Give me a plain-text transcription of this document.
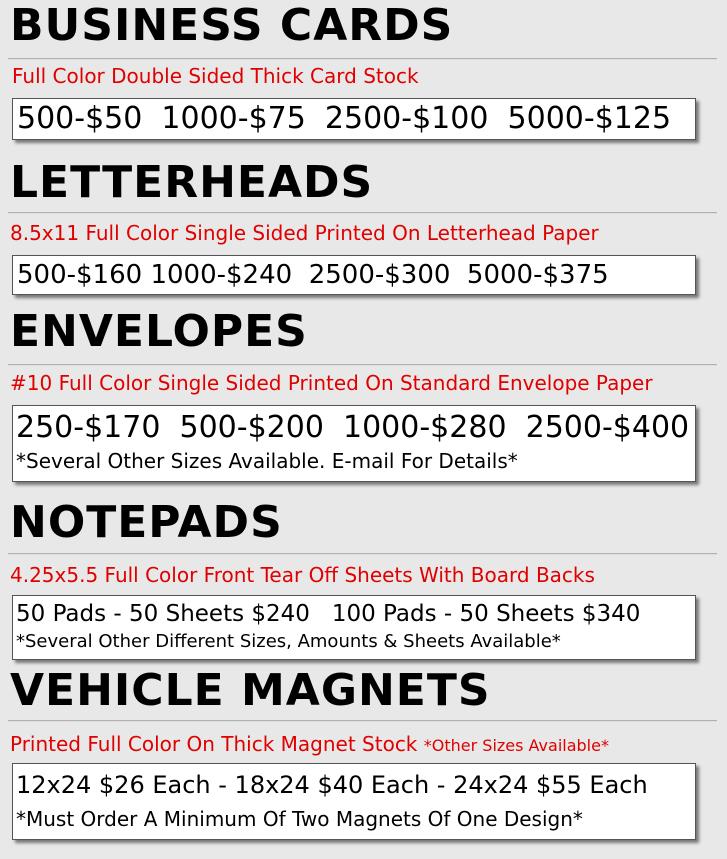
BUSINESS CARDS
Full Color Double Sided Thick Card Stock
500-$50  1000-$75  2500-$100  5000-$125
LETTERHEADS
8.5x11 Full Color Single Sided Printed On Letterhead Paper
500-$160 1000-$240  2500-$300  5000-$375
ENVELOPES
#10 Full Color Single Sided Printed On Standard Envelope Paper
250-$170  500-$200  1000-$280  2500-$400
*Several Other Sizes Available. E-mail For Details*
NOTEPADS
4.25x5.5 Full Color Front Tear Off Sheets With Board Backs
50 Pads - 50 Sheets $240   100 Pads - 50 Sheets $340
*Several Other Different Sizes, Amounts & Sheets Available*
VEHICLE MAGNETS
Printed Full Color On Thick Magnet Stock *Other Sizes Available*
12x24 $26 Each - 18x24 $40 Each - 24x24 $55 Each
*Must Order A Minimum Of Two Magnets Of One Design*
